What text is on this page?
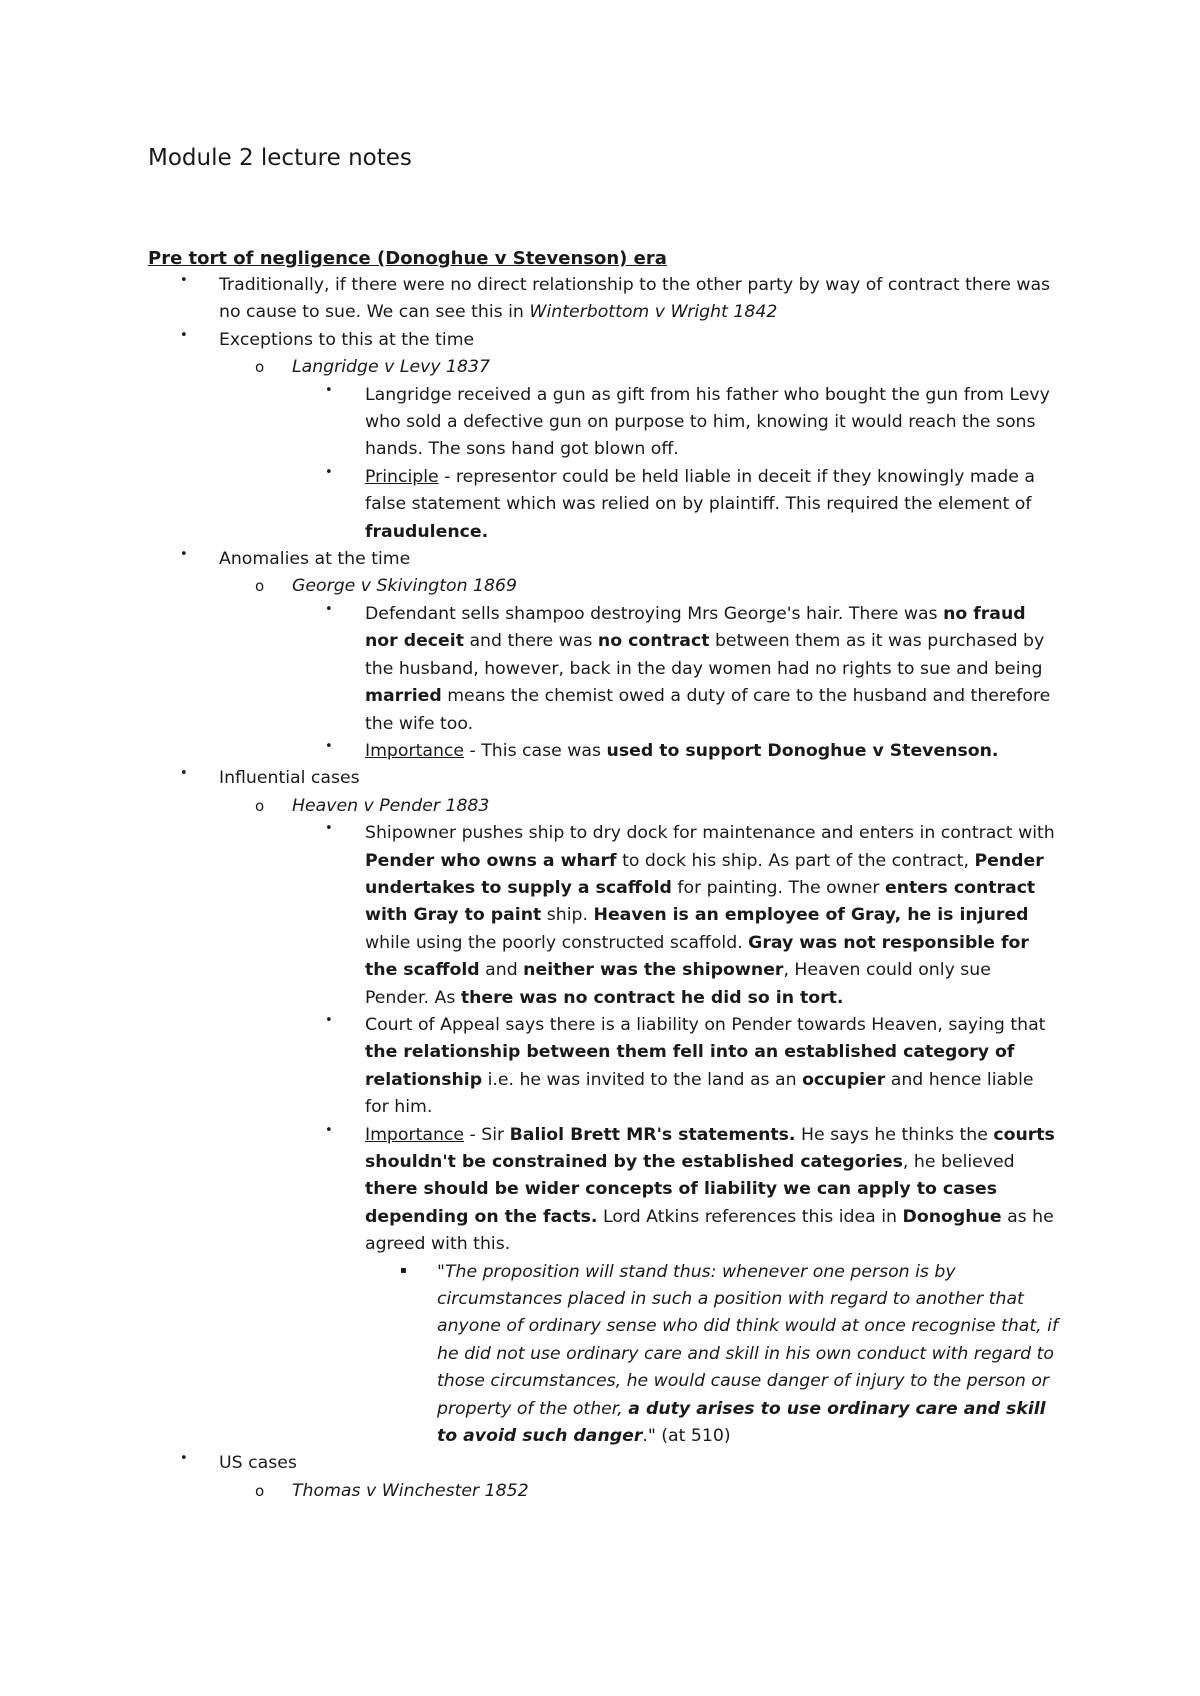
Module 2 lecture notes
Pre tort of negligence (Donoghue v Stevenson) era
• Traditionally, if there were no direct relationship to the other party by way of contract there was no cause to sue. We can see this in Winterbottom v Wright 1842
• Exceptions to this at the time
o Langridge v Levy 1837
• Langridge received a gun as gift from his father who bought the gun from Levy who sold a defective gun on purpose to him, knowing it would reach the sons hands. The sons hand got blown off.
• Principle - representor could be held liable in deceit if they knowingly made a false statement which was relied on by plaintiff. This required the element of fraudulence.
• Anomalies at the time
o George v Skivington 1869
• Defendant sells shampoo destroying Mrs George's hair. There was no fraud nor deceit and there was no contract between them as it was purchased by the husband, however, back in the day women had no rights to sue and being married means the chemist owed a duty of care to the husband and therefore the wife too.
• Importance - This case was used to support Donoghue v Stevenson.
• Influential cases
o Heaven v Pender 1883
• Shipowner pushes ship to dry dock for maintenance and enters in contract with Pender who owns a wharf to dock his ship. As part of the contract, Pender undertakes to supply a scaffold for painting. The owner enters contract with Gray to paint ship. Heaven is an employee of Gray, he is injured while using the poorly constructed scaffold. Gray was not responsible for the scaffold and neither was the shipowner, Heaven could only sue Pender. As there was no contract he did so in tort.
• Court of Appeal says there is a liability on Pender towards Heaven, saying that the relationship between them fell into an established category of relationship i.e. he was invited to the land as an occupier and hence liable for him.
• Importance - Sir Baliol Brett MR's statements. He says he thinks the courts shouldn't be constrained by the established categories, he believed there should be wider concepts of liability we can apply to cases depending on the facts. Lord Atkins references this idea in Donoghue as he agreed with this.
▪ "The proposition will stand thus: whenever one person is by circumstances placed in such a position with regard to another that anyone of ordinary sense who did think would at once recognise that, if he did not use ordinary care and skill in his own conduct with regard to those circumstances, he would cause danger of injury to the person or property of the other, a duty arises to use ordinary care and skill to avoid such danger." (at 510)
• US cases
o Thomas v Winchester 1852
